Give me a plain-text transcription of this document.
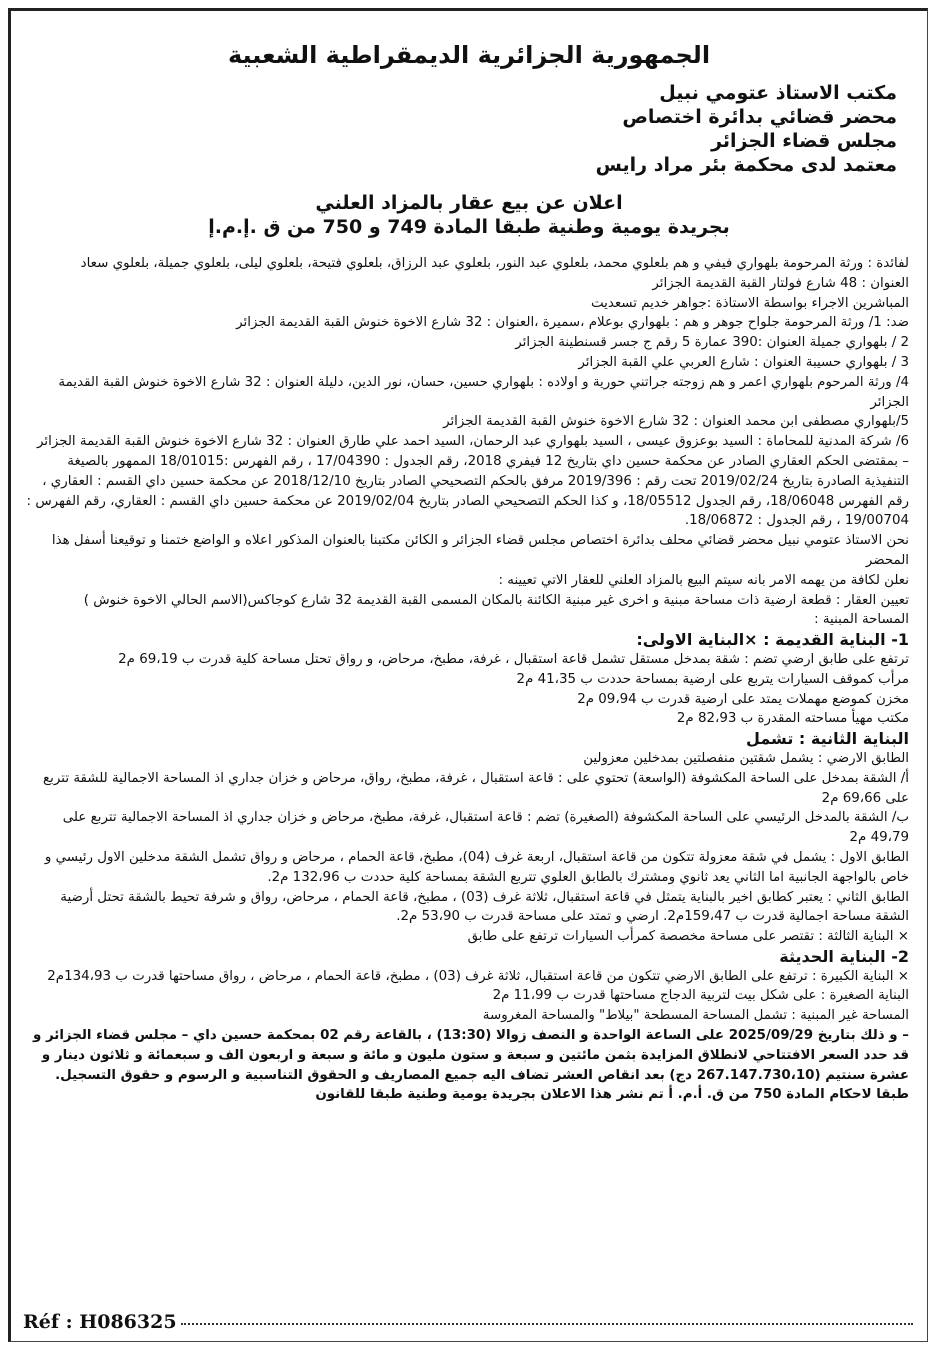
الجمهورية الجزائرية الديمقراطية الشعبية
مكتب الاستاذ عتومي نبيل
محضر قضائي بدائرة اختصاص
مجلس قضاء الجزائر
معتمد لدى محكمة بئر مراد رايس
اعلان عن بيع عقار بالمزاد العلني
بجريدة يومية وطنية طبقا المادة 749 و 750 من ق .إ.م.إ

لفائدة : ورثة المرحومة بلهواري فيفي و هم بلعلوي محمد، بلعلوي عبد النور، بلعلوي عبد الرزاق، بلعلوي فتيحة، بلعلوي ليلى، بلعلوي جميلة، بلعلوي سعاد

العنوان : 48 شارع فولتار القبة القديمة الجزائر

المباشرين الاجراء بواسطة الاستاذة :جواهر خديم تسعديت

ضد: 1/ ورثة المرحومة جلواح جوهر و هم : بلهواري بوعلام ،سميرة ،العنوان : 32 شارع الاخوة خنوش القبة القديمة الجزائر

2 / بلهواري جميلة العنوان :390 عمارة 5 رقم ج جسر قسنطينة الجزائر

3 / بلهواري حسيبة العنوان : شارع العربي علي القبة الجزائر

4/ ورثة المرحوم بلهواري اعمر و هم زوجته جراتني حورية و اولاده : بلهواري حسين، حسان، نور الدين، دليلة العنوان : 32 شارع الاخوة خنوش القبة القديمة الجزائر

5/بلهواري مصطفى ابن محمد العنوان : 32 شارع الاخوة خنوش القبة القديمة الجزائر

6/ شركة المدنية للمحاماة : السيد بوعزوق عيسى ، السيد بلهواري عبد الرحمان، السيد احمد علي طارق العنوان : 32 شارع الاخوة خنوش القبة القديمة الجزائر

– بمقتضى الحكم العقاري الصادر عن محكمة حسين داي بتاريخ 12 فيفري 2018، رقم الجدول : 17/04390 ، رقم الفهرس :18/01015 الممهور بالصيغة التنفيذية الصادرة بتاريخ 2019/02/24 تحت رقم : 2019/396 مرفق بالحكم التصحيحي الصادر بتاريخ 2018/12/10 عن محكمة حسين داي القسم : العقاري ، رقم الفهرس 18/06048، رقم الجدول 18/05512، و كذا الحكم التصحيحي الصادر بتاريخ 2019/02/04 عن محكمة حسين داي القسم : العقاري، رقم الفهرس : 19/00704 ، رقم الجدول : 18/06872.

نحن الاستاذ عتومي نبيل محضر قضائي محلف بدائرة اختصاص مجلس قضاء الجزائر و الكائن مكتبنا بالعنوان المذكور اعلاه و الواضع ختمنا و توقيعنا أسفل هذا المحضر

نعلن لكافة من يهمه الامر بانه سيتم البيع بالمزاد العلني للعقار الاتي تعيينه :

تعيين العقار : قطعة ارضية ذات مساحة مبنية و اخرى غير مبنية الكائنة بالمكان المسمى القبة القديمة 32 شارع كوجاكس(الاسم الحالي الاخوة خنوش )

المساحة المبنية :

1- البناية القديمة : ×البناية الاولى:

ترتفع على طابق ارضي تضم : شقة بمدخل مستقل تشمل قاعة استقبال ، غرفة، مطبخ، مرحاض، و رواق تحتل مساحة كلية قدرت ب 69،19 م2

مرأب كموقف السيارات يتربع على ارضية بمساحة حددت ب 41،35 م2

مخزن كموضع مهملات يمتد على ارضية قدرت ب 09،94 م2

مكتب مهيأ مساحته المقدرة ب 82،93 م2

البناية الثانية : تشمل

الطابق الارضي : يشمل شقتين منفصلتين بمدخلين معزولين

أ/ الشقة بمدخل على الساحة المكشوفة (الواسعة) تحتوي على : قاعة استقبال ، غرفة، مطبخ، رواق، مرحاض و خزان جداري اذ المساحة الاجمالية للشقة تتربع على 69،66 م2

ب/ الشقة بالمدخل الرئيسي على الساحة المكشوفة (الصغيرة) تضم : قاعة استقبال، غرفة، مطبخ، مرحاض و خزان جداري اذ المساحة الاجمالية تتربع على 49،79 م2

الطابق الاول : يشمل في شقة معزولة تتكون من قاعة استقبال، اربعة غرف (04)، مطبخ، قاعة الحمام ، مرحاض و رواق تشمل الشقة مدخلين الاول رئيسي و خاص بالواجهة الجانبية اما الثاني يعد ثانوي ومشترك بالطابق العلوي تتربع الشقة بمساحة كلية حددت ب 132،96 م2.

الطابق الثاني : يعتبر كطابق اخير بالبناية يتمثل في قاعة استقبال، ثلاثة غرف (03) ، مطبخ، قاعة الحمام ، مرحاض، رواق و شرفة تحيط بالشقة تحتل أرضية الشقة مساحة اجمالية قدرت ب 159،47م2. ارضي و تمتد على مساحة قدرت ب 53،90 م2.

× البناية الثالثة : تقتصر على مساحة مخصصة كمرأب السيارات ترتفع على طابق

2- البناية الحديثة

× البناية الكبيرة : ترتفع على الطابق الارضي تتكون من قاعة استقبال، ثلاثة غرف (03) ، مطبخ، قاعة الحمام ، مرحاض ، رواق مساحتها قدرت ب 134،93م2

البناية الصغيرة : على شكل بيت لتربية الدجاج مساحتها قدرت ب 11،99 م2

المساحة غير المبنية : تشمل المساحة المسطحة "بيلاط" والمساحة المغروسة

– و ذلك بتاريخ 2025/09/29 على الساعة الواحدة و النصف زوالا (13:30) ، بالقاعة رقم 02 بمحكمة حسين داي – مجلس قضاء الجزائر و قد حدد السعر الافتتاحي لانطلاق المزايدة بثمن مائتين و سبعة و ستون مليون و مائة و سبعة و اربعون الف و سبعمائة و ثلاثون دينار و عشرة سنتيم (267.147.730،10 دج) بعد انقاص العشر تضاف اليه جميع المصاريف و الحقوق التناسبية و الرسوم و حقوق التسجيل.

طبقا لاحكام المادة 750 من ق. أ.م. أ تم نشر هذا الاعلان بجريدة يومية وطنية طبقا للقانون

Réf : H086325
